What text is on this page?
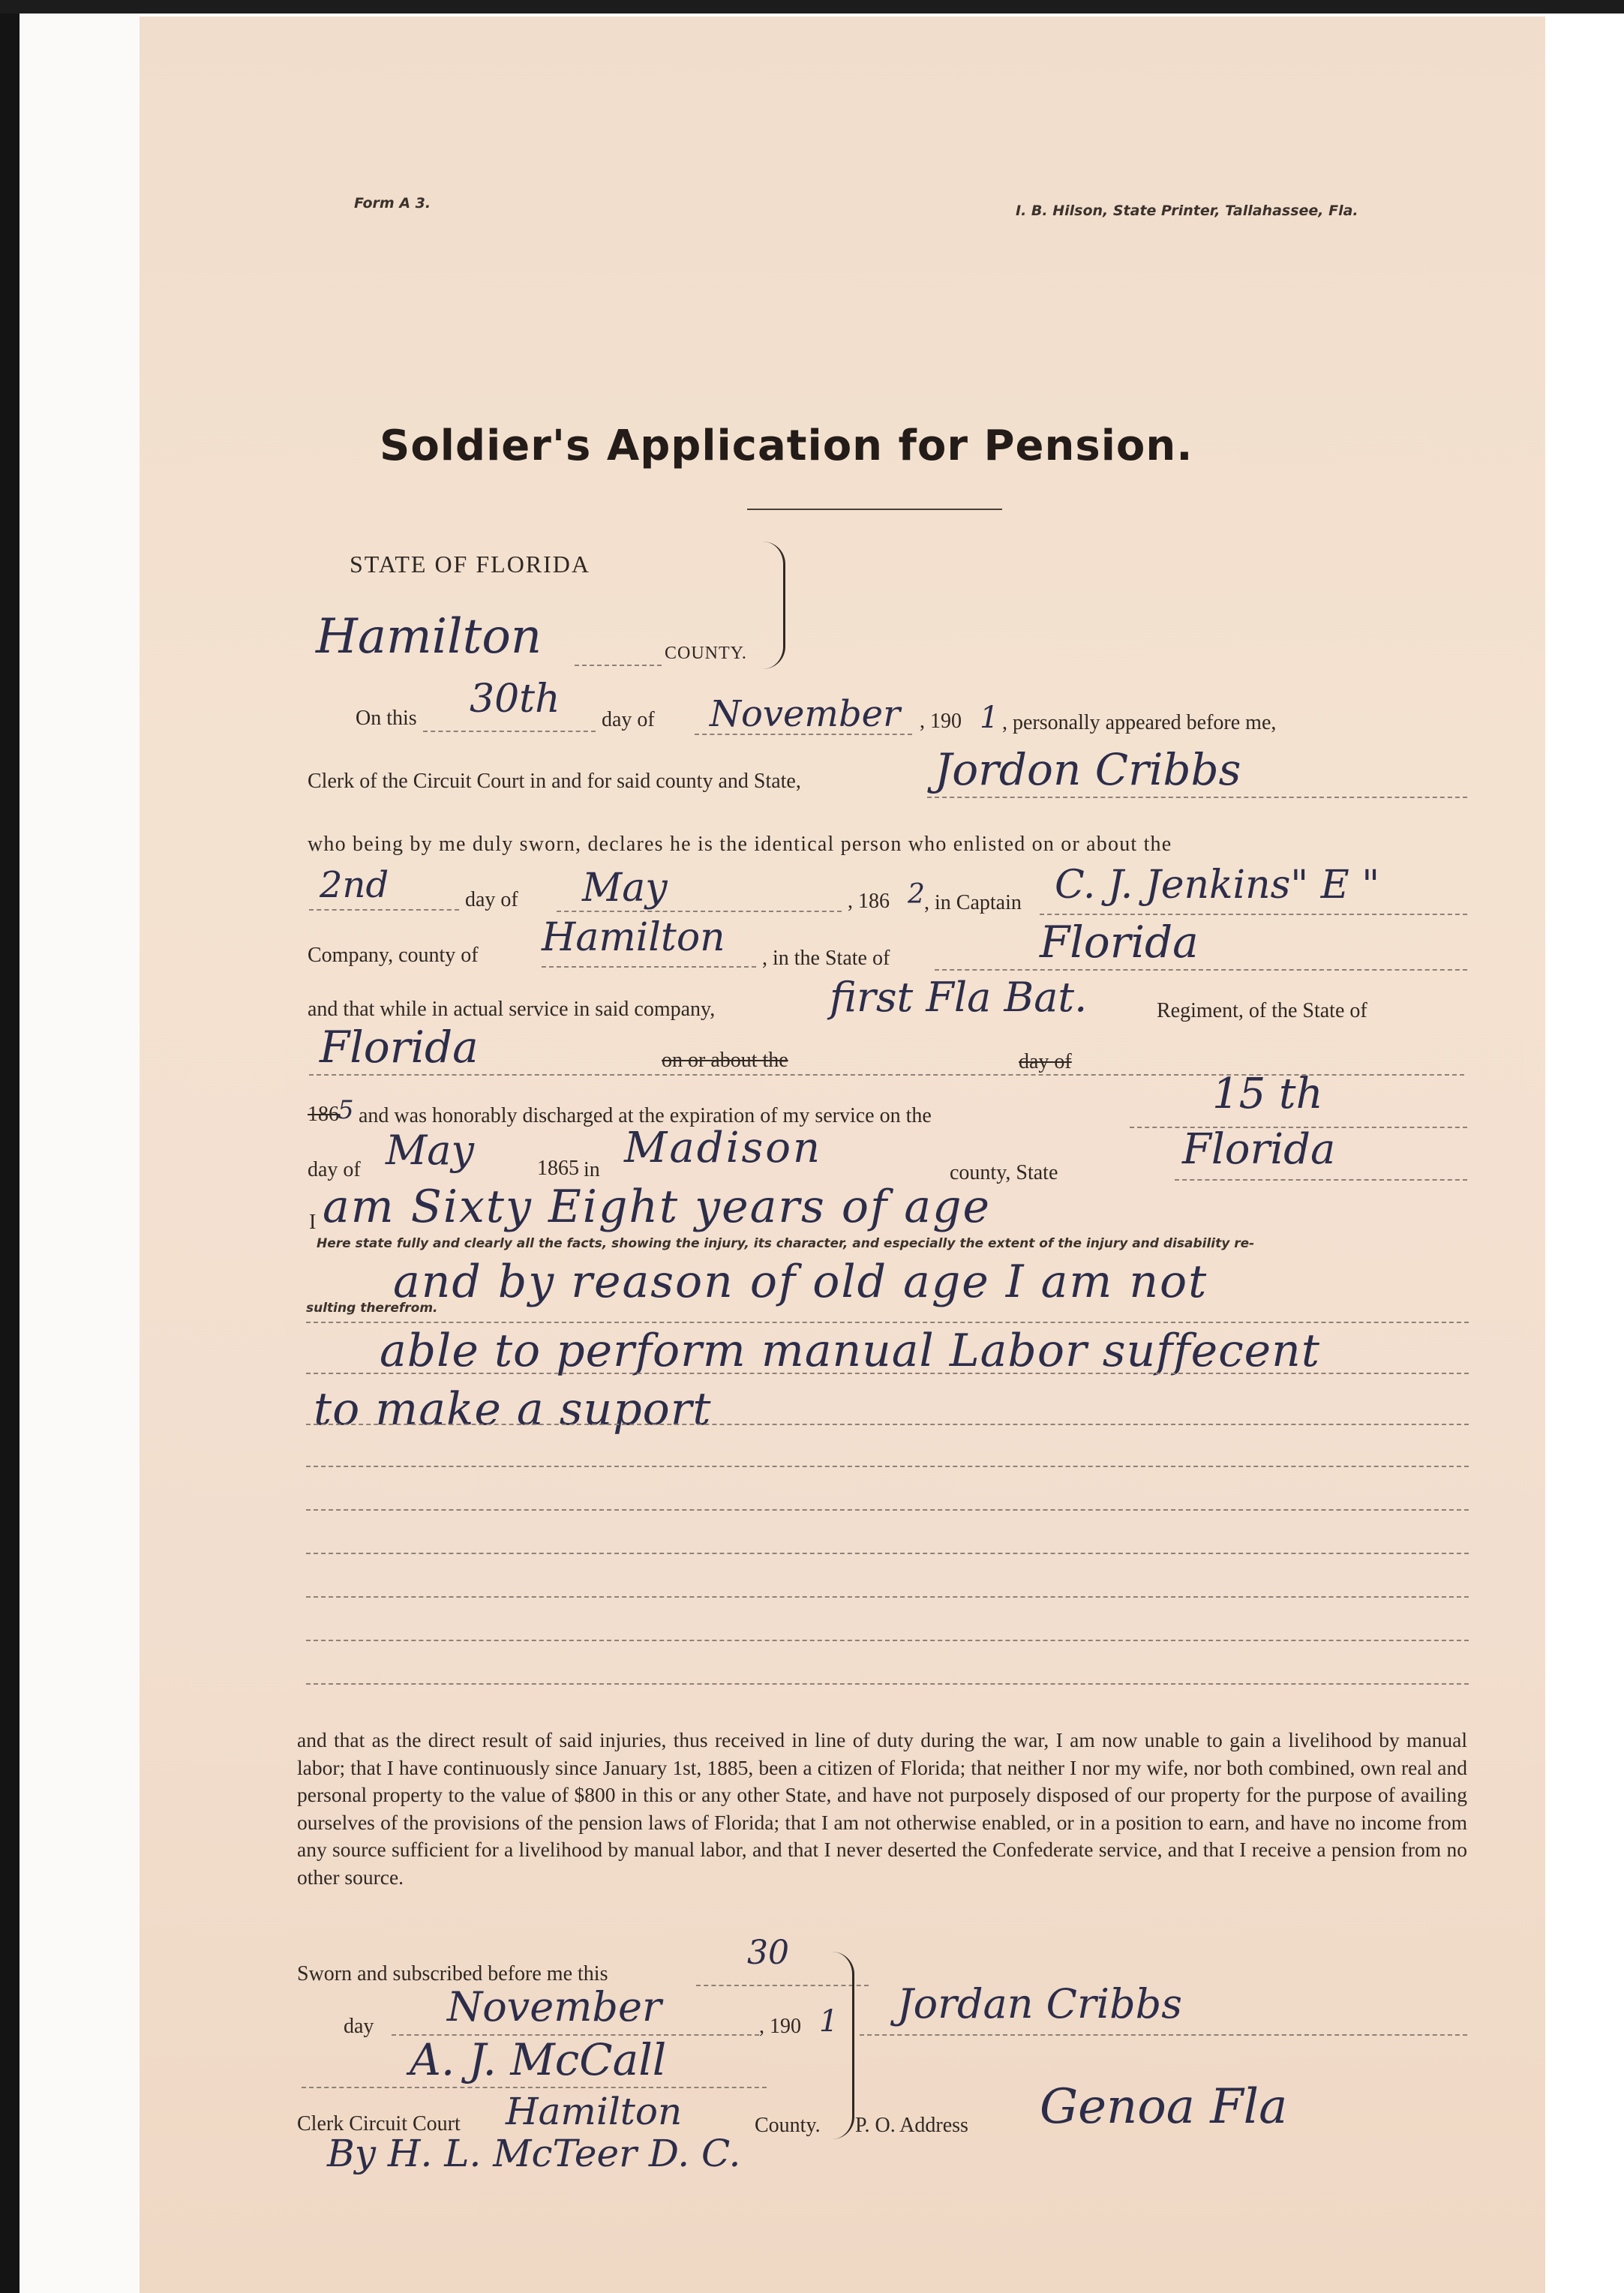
Form A 3.	I. B. Hilson, State Printer, Tallahassee, Fla.
Soldier's Application for Pension.
STATE OF FLORIDA
Hamilton	COUNTY.
On this 30th day of November , 190 1 , personally appeared before me,
Clerk of the Circuit Court in and for said county and State,	Jordon Cribbs
who being by me duly sworn, declares he is the identical person who enlisted on or about the
2nd	day of May	, 186 2 , in Captain C. J. Jenkins" E "
Company, county of Hamilton , in the State of	Florida
and that while in actual service in said company,	first Fla Bat.	Regiment, of the State of
Florida	on or about the	day of
186
5 and was honorably discharged at the expiration of my service on the	15 th
day of May	1865 in Madison
county, State	Florida
I am Sixty Eight years of age
Here state fully and clearly all the facts, showing the injury, its character, and especially the extent of the injury and disability re-
sulting therefrom.
and by reason of old age I am not
able to perform manual Labor suffecent
to make a suport
and that as the direct result of said injuries, thus received in line of duty during the war, I am now unable to gain a livelihood by manual labor; that I have continuously since January 1st, 1885, been a citizen of Florida; that neither I nor my wife, nor both combined, own real and personal property to the value of $800 in this or any other State, and have not purposely disposed of our property for the purpose of availing ourselves of the provisions of the pension laws of Florida; that I am not otherwise enabled, or in a position to earn, and have no income from any source sufficient for a livelihood by manual labor, and that I never deserted the Confederate service, and that I receive a pension from no other source.
Sworn and subscribed before me this
30
day November	, 190 1
A. J. McCall
Clerk Circuit Court Hamilton	County.
By H. L. McTeer D. C.
Jordan Cribbs
P. O. Address Genoa Fla
